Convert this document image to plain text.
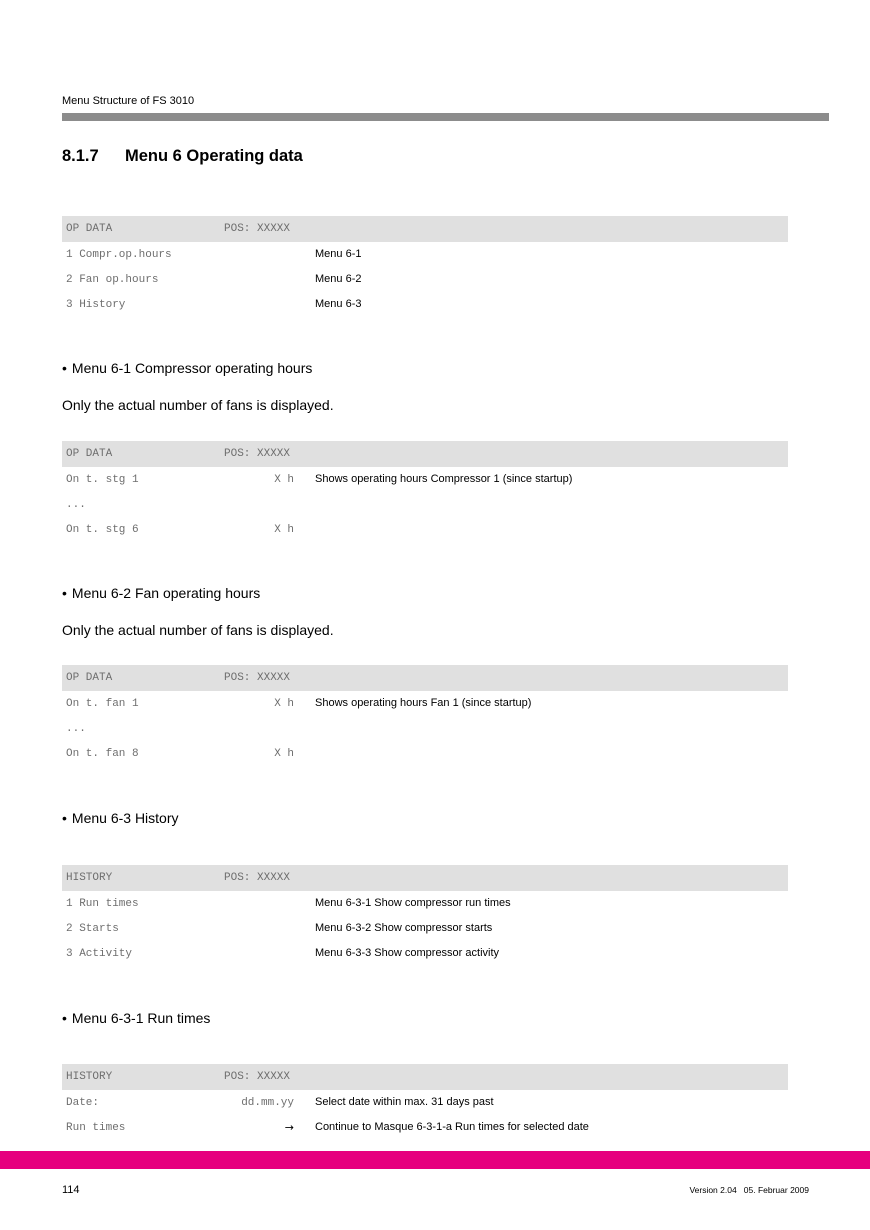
Menu Structure of FS 3010
8.1.7 Menu 6 Operating data
OP DATA	POS: XXXXX
1 Compr.op.hours	Menu 6-1
2 Fan op.hours	Menu 6-2
3 History	Menu 6-3
• Menu 6-1 Compressor operating hours
Only the actual number of fans is displayed.
OP DATA	POS: XXXXX
On t. stg 1	X h Shows operating hours Compressor 1 (since startup)
...
On t. stg 6	X h
• Menu 6-2 Fan operating hours
Only the actual number of fans is displayed.
OP DATA	POS: XXXXX
On t. fan 1	X h Shows operating hours Fan 1 (since startup)
...
On t. fan 8	X h
• Menu 6-3 History
HISTORY	POS: XXXXX
1 Run times	Menu 6-3-1 Show compressor run times
2 Starts	Menu 6-3-2 Show compressor starts
3 Activity	Menu 6-3-3 Show compressor activity
• Menu 6-3-1 Run times
HISTORY	POS: XXXXX
Date:	dd.mm.yy Select date within max. 31 days past
Run times	→ Continue to Masque 6-3-1-a Run times for selected date
114	Version 2.04   05. Februar 2009
